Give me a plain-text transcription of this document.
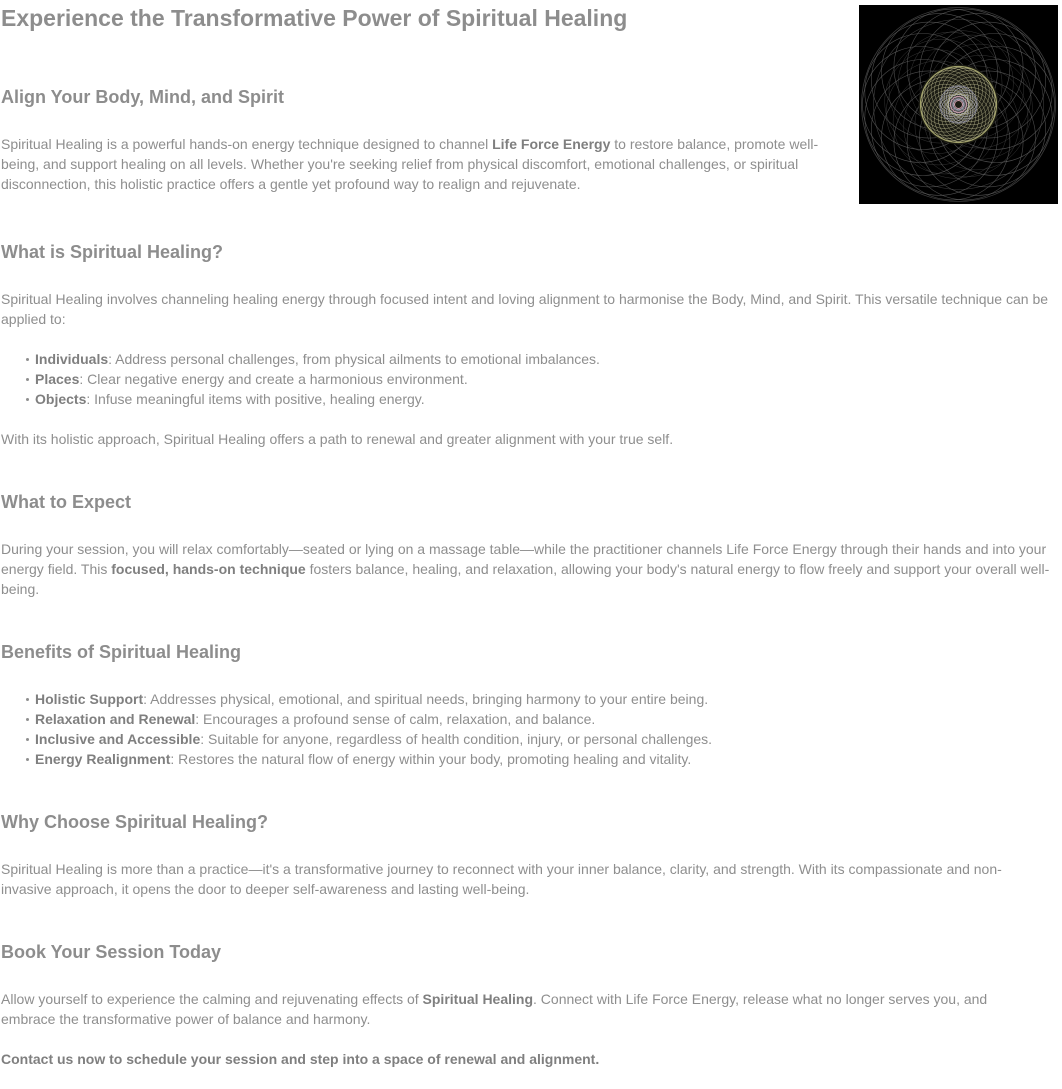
Experience the Transformative Power of Spiritual Healing
Align Your Body, Mind, and Spirit

Spiritual Healing is a powerful hands-on energy technique designed to channel Life Force Energy to restore balance, promote well-being, and support healing on all levels. Whether you're seeking relief from physical discomfort, emotional challenges, or spiritual disconnection, this holistic practice offers a gentle yet profound way to realign and rejuvenate.

What is Spiritual Healing?

Spiritual Healing involves channeling healing energy through focused intent and loving alignment to harmonise the Body, Mind, and Spirit. This versatile technique can be applied to:

Individuals: Address personal challenges, from physical ailments to emotional imbalances.
Places: Clear negative energy and create a harmonious environment.
Objects: Infuse meaningful items with positive, healing energy.

With its holistic approach, Spiritual Healing offers a path to renewal and greater alignment with your true self.

What to Expect

During your session, you will relax comfortably—seated or lying on a massage table—while the practitioner channels Life Force Energy through their hands and into your energy field. This focused, hands-on technique fosters balance, healing, and relaxation, allowing your body's natural energy to flow freely and support your overall well-being.

Benefits of Spiritual Healing
Holistic Support: Addresses physical, emotional, and spiritual needs, bringing harmony to your entire being.
Relaxation and Renewal: Encourages a profound sense of calm, relaxation, and balance.
Inclusive and Accessible: Suitable for anyone, regardless of health condition, injury, or personal challenges.
Energy Realignment: Restores the natural flow of energy within your body, promoting healing and vitality.
Why Choose Spiritual Healing?

Spiritual Healing is more than a practice—it's a transformative journey to reconnect with your inner balance, clarity, and strength. With its compassionate and non-invasive approach, it opens the door to deeper self-awareness and lasting well-being.

Book Your Session Today

Allow yourself to experience the calming and rejuvenating effects of Spiritual Healing. Connect with Life Force Energy, release what no longer serves you, and embrace the transformative power of balance and harmony.

Contact us now to schedule your session and step into a space of renewal and alignment.
